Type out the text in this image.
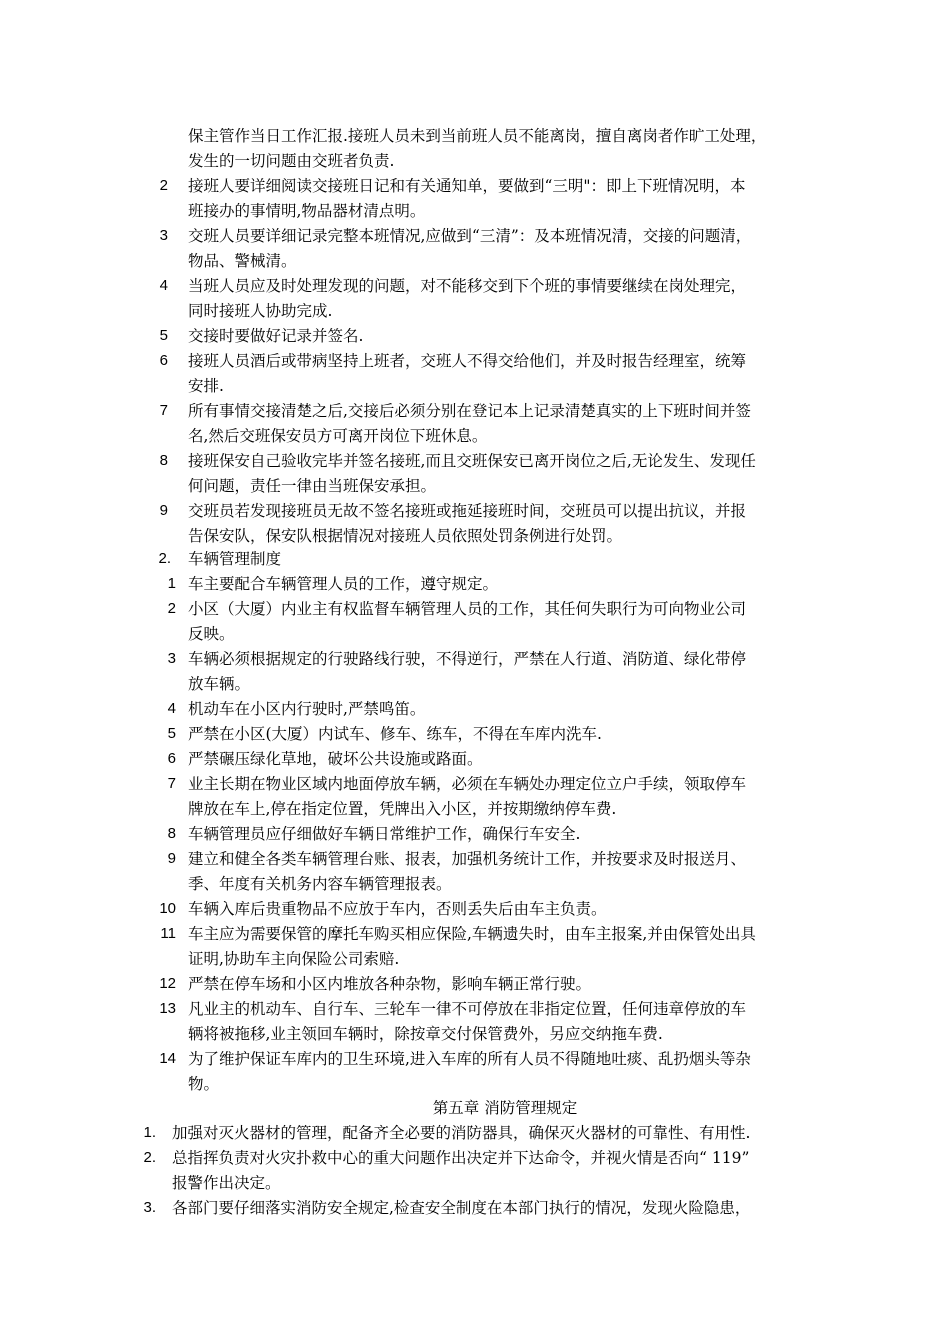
保主管作当日工作汇报.接班人员未到当前班人员不能离岗，擅自离岗者作旷工处理，
发生的一切问题由交班者负责.
2 接班人要详细阅读交接班日记和有关通知单，要做到“三明"：即上下班情况明，本
班接办的事情明,物品器材清点明。
3 交班人员要详细记录完整本班情况,应做到“三清”：及本班情况清，交接的问题清，
物品、警械清。
4 当班人员应及时处理发现的问题，对不能移交到下个班的事情要继续在岗处理完，
同时接班人协助完成.
5 交接时要做好记录并签名.
6 接班人员酒后或带病坚持上班者，交班人不得交给他们，并及时报告经理室，统筹
安排.
7 所有事情交接清楚之后,交接后必须分别在登记本上记录清楚真实的上下班时间并签
名,然后交班保安员方可离开岗位下班休息。
8 接班保安自己验收完毕并签名接班,而且交班保安已离开岗位之后,无论发生、发现任
何问题，责任一律由当班保安承担。
9 交班员若发现接班员无故不签名接班或拖延接班时间，交班员可以提出抗议，并报
告保安队，保安队根据情况对接班人员依照处罚条例进行处罚。
2. 车辆管理制度
1 车主要配合车辆管理人员的工作，遵守规定。
2 小区（大厦）内业主有权监督车辆管理人员的工作，其任何失职行为可向物业公司
反映。
3 车辆必须根据规定的行驶路线行驶，不得逆行，严禁在人行道、消防道、绿化带停
放车辆。
4 机动车在小区内行驶时,严禁鸣笛。
5 严禁在小区(大厦）内试车、修车、练车，不得在车库内洗车.
6 严禁碾压绿化草地，破坏公共设施或路面。
7 业主长期在物业区域内地面停放车辆，必须在车辆处办理定位立户手续，领取停车
牌放在车上,停在指定位置，凭牌出入小区，并按期缴纳停车费.
8 车辆管理员应仔细做好车辆日常维护工作，确保行车安全.
9 建立和健全各类车辆管理台账、报表，加强机务统计工作，并按要求及时报送月、
季、年度有关机务内容车辆管理报表。
10 车辆入库后贵重物品不应放于车内，否则丢失后由车主负责。
11 车主应为需要保管的摩托车购买相应保险,车辆遗失时，由车主报案,并由保管处出具
证明,协助车主向保险公司索赔.
12 严禁在停车场和小区内堆放各种杂物，影响车辆正常行驶。
13 凡业主的机动车、自行车、三轮车一律不可停放在非指定位置，任何违章停放的车
辆将被拖移,业主领回车辆时，除按章交付保管费外，另应交纳拖车费.
14 为了维护保证车库内的卫生环境,进入车库的所有人员不得随地吐痰、乱扔烟头等杂
物。
第五章 消防管理规定
1. 加强对灭火器材的管理，配备齐全必要的消防器具，确保灭火器材的可靠性、有用性.
2. 总指挥负责对火灾扑救中心的重大问题作出决定并下达命令，并视火情是否向“ 119”
报警作出决定。
3. 各部门要仔细落实消防安全规定,检查安全制度在本部门执行的情况，发现火险隐患，
